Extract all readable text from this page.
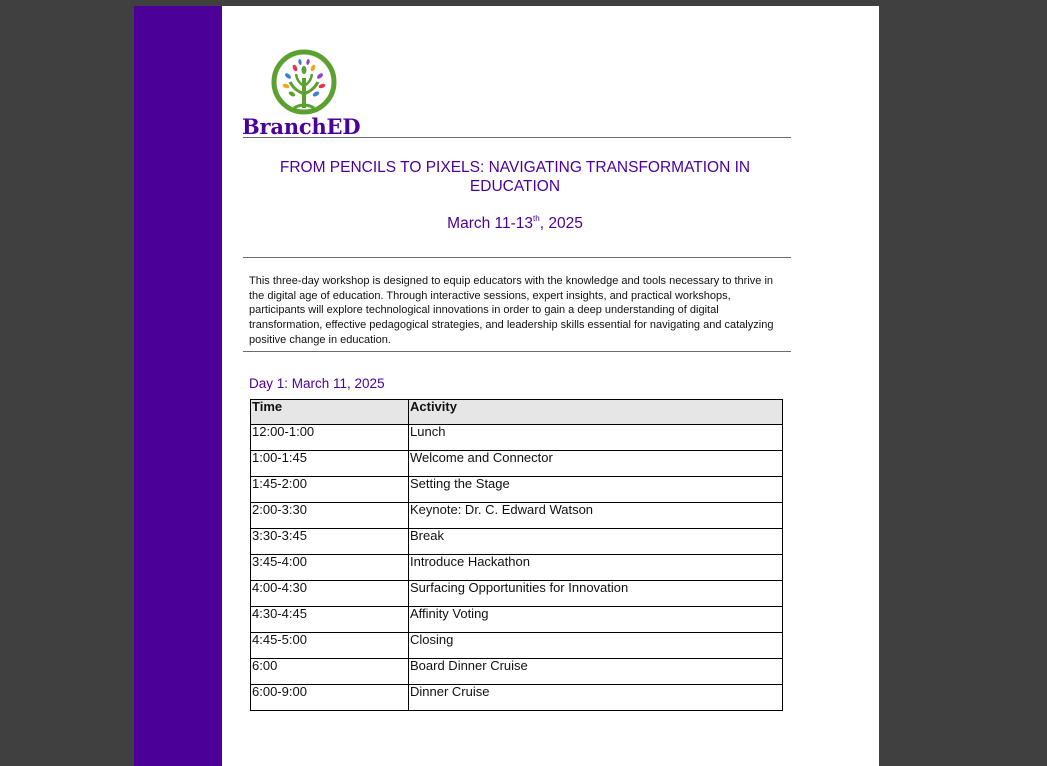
BranchED
FROM PENCILS TO PIXELS: NAVIGATING TRANSFORMATION IN EDUCATION
March 11-13th, 2025
This three-day workshop is designed to equip educators with the knowledge and tools necessary to thrive in the digital age of education. Through interactive sessions, expert insights, and practical workshops, participants will explore technological innovations in order to gain a deep understanding of digital transformation, effective pedagogical strategies, and leadership skills essential for navigating and catalyzing positive change in education.
Day 1: March 11, 2025
Time	Activity
12:00-1:00	Lunch
1:00-1:45	Welcome and Connector
1:45-2:00	Setting the Stage
2:00-3:30	Keynote: Dr. C. Edward Watson
3:30-3:45	Break
3:45-4:00	Introduce Hackathon
4:00-4:30	Surfacing Opportunities for Innovation
4:30-4:45	Affinity Voting
4:45-5:00	Closing
6:00	Board Dinner Cruise
6:00-9:00	Dinner Cruise
